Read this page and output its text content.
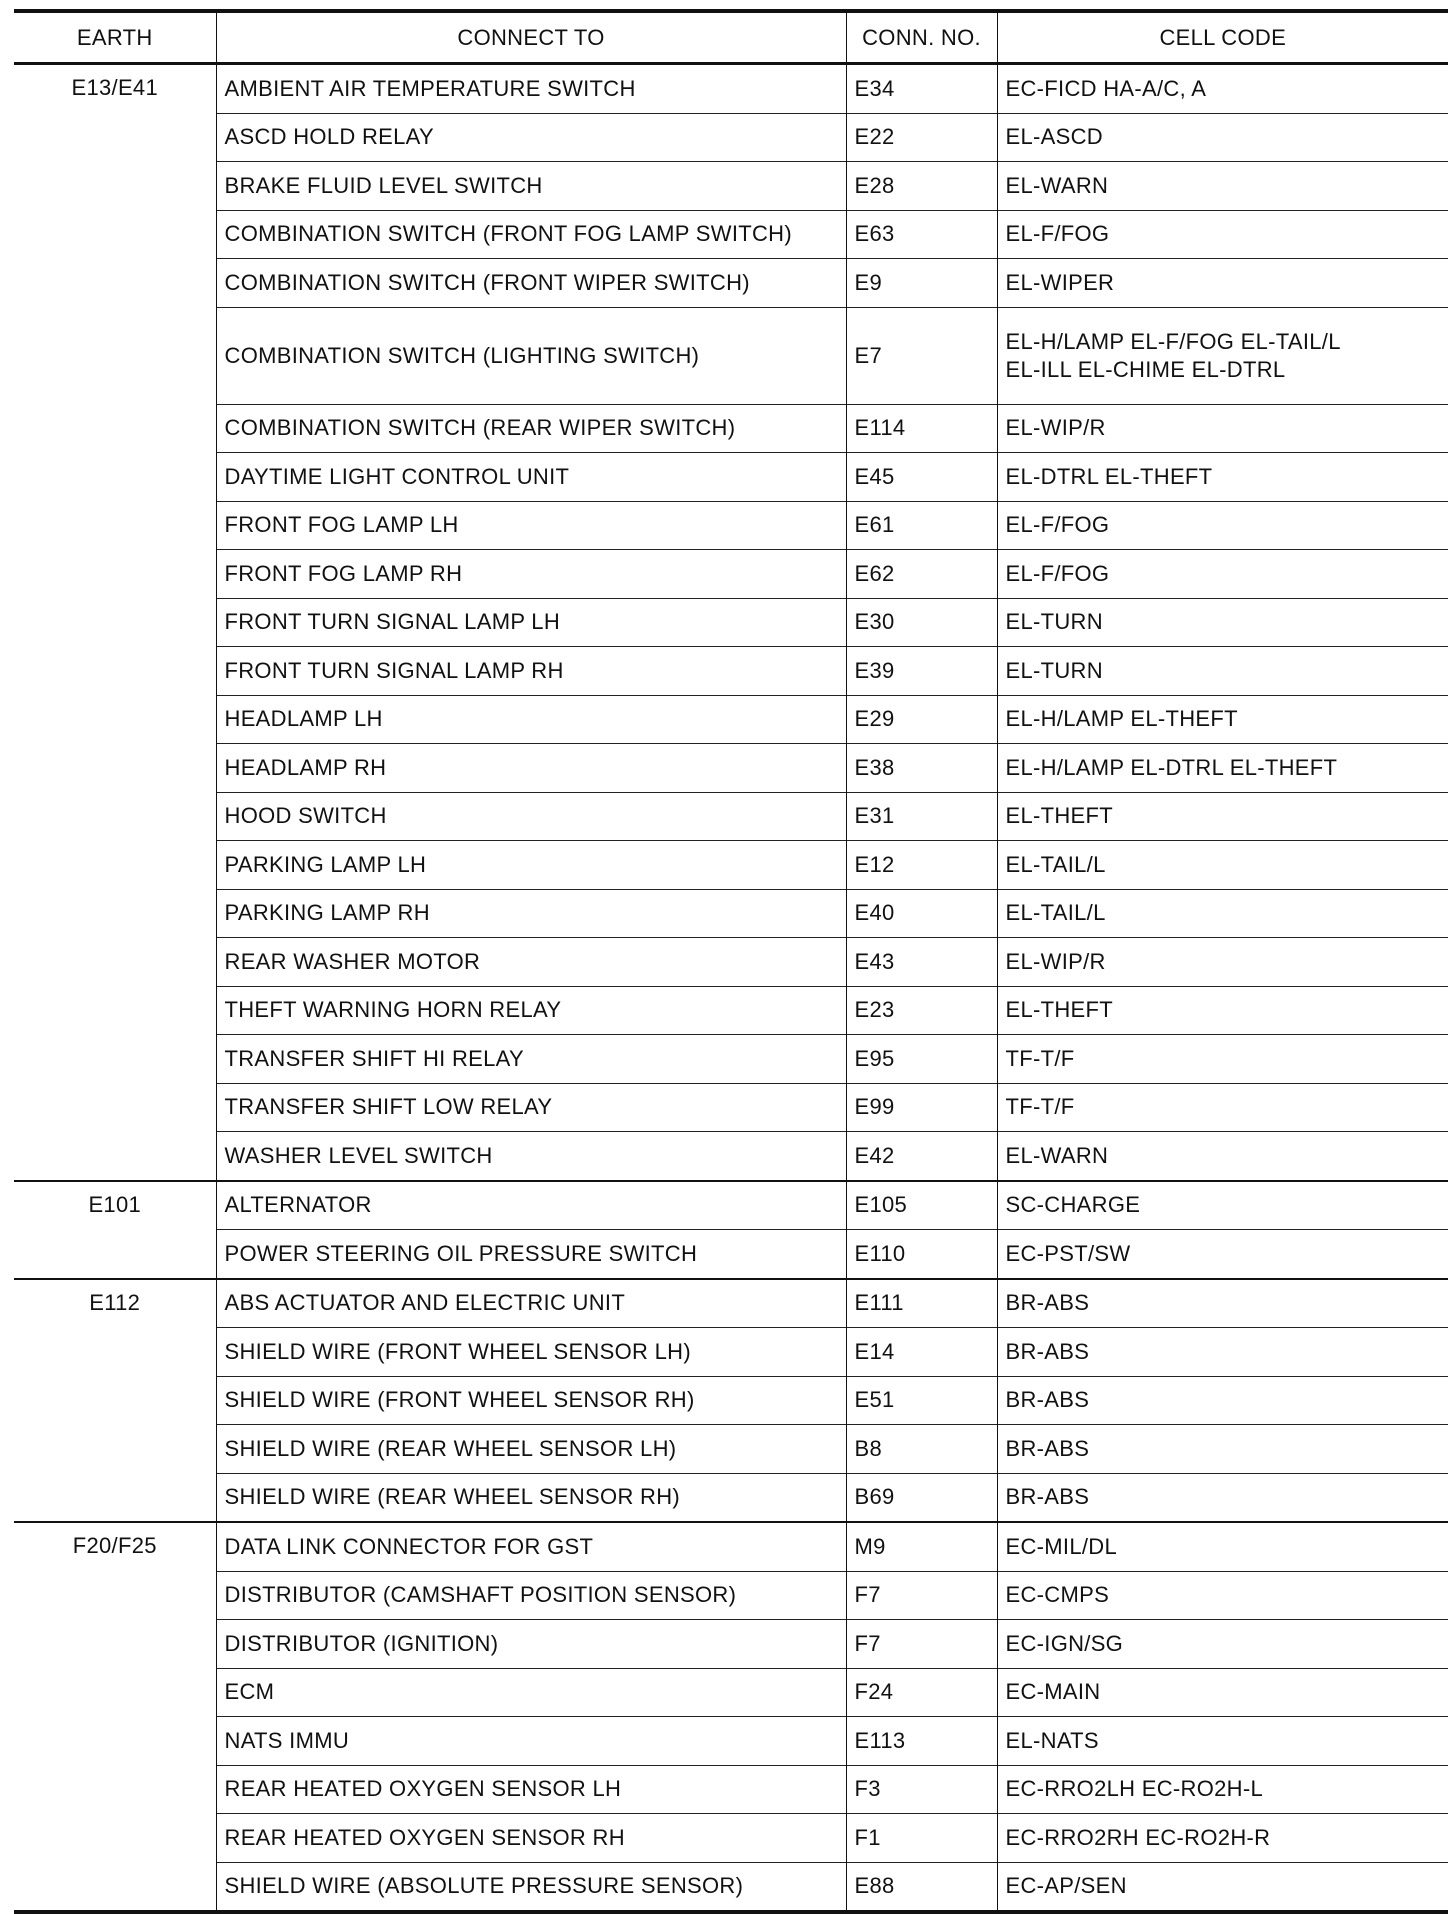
EARTH	CONNECT TO	CONN. NO.	CELL CODE
E13/E41	AMBIENT AIR TEMPERATURE SWITCH	E34	EC-FICD HA-A/C, A
	ASCD HOLD RELAY	E22	EL-ASCD
	BRAKE FLUID LEVEL SWITCH	E28	EL-WARN
	COMBINATION SWITCH (FRONT FOG LAMP SWITCH)	E63	EL-F/FOG
	COMBINATION SWITCH (FRONT WIPER SWITCH)	E9	EL-WIPER
	COMBINATION SWITCH (LIGHTING SWITCH)	E7	EL-H/LAMP EL-F/FOG EL-TAIL/L
EL-ILL EL-CHIME EL-DTRL

	COMBINATION SWITCH (REAR WIPER SWITCH)	E114	EL-WIP/R
	DAYTIME LIGHT CONTROL UNIT	E45	EL-DTRL EL-THEFT
	FRONT FOG LAMP LH	E61	EL-F/FOG
	FRONT FOG LAMP RH	E62	EL-F/FOG
	FRONT TURN SIGNAL LAMP LH	E30	EL-TURN
	FRONT TURN SIGNAL LAMP RH	E39	EL-TURN
	HEADLAMP LH	E29	EL-H/LAMP EL-THEFT
	HEADLAMP RH	E38	EL-H/LAMP EL-DTRL EL-THEFT
	HOOD SWITCH	E31	EL-THEFT
	PARKING LAMP LH	E12	EL-TAIL/L
	PARKING LAMP RH	E40	EL-TAIL/L
	REAR WASHER MOTOR	E43	EL-WIP/R
	THEFT WARNING HORN RELAY	E23	EL-THEFT
	TRANSFER SHIFT HI RELAY	E95	TF-T/F
	TRANSFER SHIFT LOW RELAY	E99	TF-T/F
	WASHER LEVEL SWITCH	E42	EL-WARN
E101	ALTERNATOR	E105	SC-CHARGE
	POWER STEERING OIL PRESSURE SWITCH	E110	EC-PST/SW
E112	ABS ACTUATOR AND ELECTRIC UNIT	E111	BR-ABS
	SHIELD WIRE (FRONT WHEEL SENSOR LH)	E14	BR-ABS
	SHIELD WIRE (FRONT WHEEL SENSOR RH)	E51	BR-ABS
	SHIELD WIRE (REAR WHEEL SENSOR LH)	B8	BR-ABS
	SHIELD WIRE (REAR WHEEL SENSOR RH)	B69	BR-ABS
F20/F25	DATA LINK CONNECTOR FOR GST	M9	EC-MIL/DL
	DISTRIBUTOR (CAMSHAFT POSITION SENSOR)	F7	EC-CMPS
	DISTRIBUTOR (IGNITION)	F7	EC-IGN/SG
	ECM	F24	EC-MAIN
	NATS IMMU	E113	EL-NATS
	REAR HEATED OXYGEN SENSOR LH	F3	EC-RRO2LH EC-RO2H-L
	REAR HEATED OXYGEN SENSOR RH	F1	EC-RRO2RH EC-RO2H-R
	SHIELD WIRE (ABSOLUTE PRESSURE SENSOR)	E88	EC-AP/SEN
